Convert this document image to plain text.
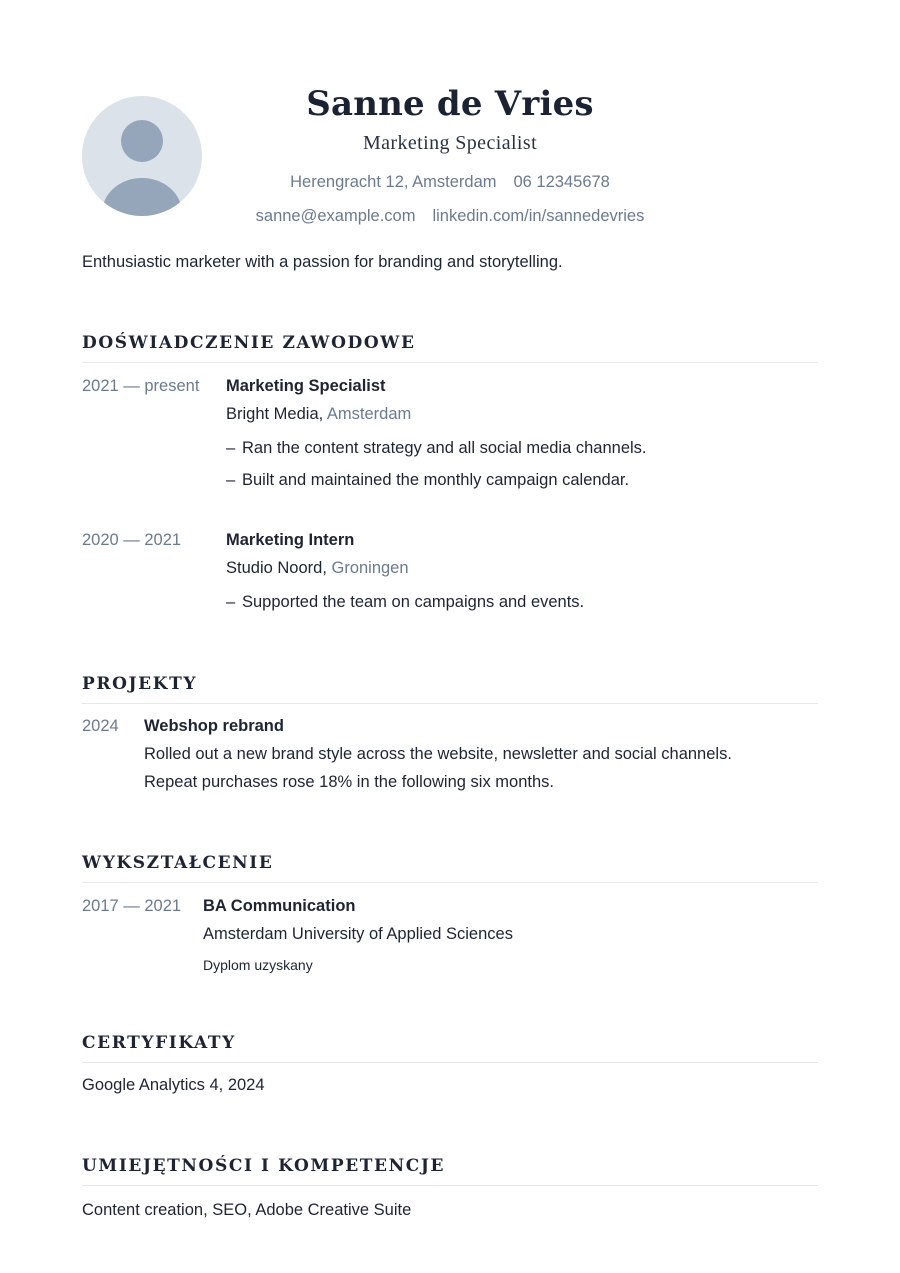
Sanne de Vries
Marketing Specialist
Herengracht 12, Amsterdam 06 12345678
sanne@example.com linkedin.com/in/sannedevries
Enthusiastic marketer with a passion for branding and storytelling.
DOŚWIADCZENIE ZAWODOWE
2021 — present Marketing Specialist
Bright Media, Amsterdam
– Ran the content strategy and all social media channels.
– Built and maintained the monthly campaign calendar.
2020 — 2021	Marketing Intern
Studio Noord, Groningen
– Supported the team on campaigns and events.
PROJEKTY
2024 Webshop rebrand
Rolled out a new brand style across the website, newsletter and social channels.
Repeat purchases rose 18% in the following six months.
WYKSZTAŁCENIE
2017 — 2021 BA Communication
Amsterdam University of Applied Sciences
Dyplom uzyskany
CERTYFIKATY
Google Analytics 4, 2024
UMIEJĘTNOŚCI I KOMPETENCJE
Content creation, SEO, Adobe Creative Suite
